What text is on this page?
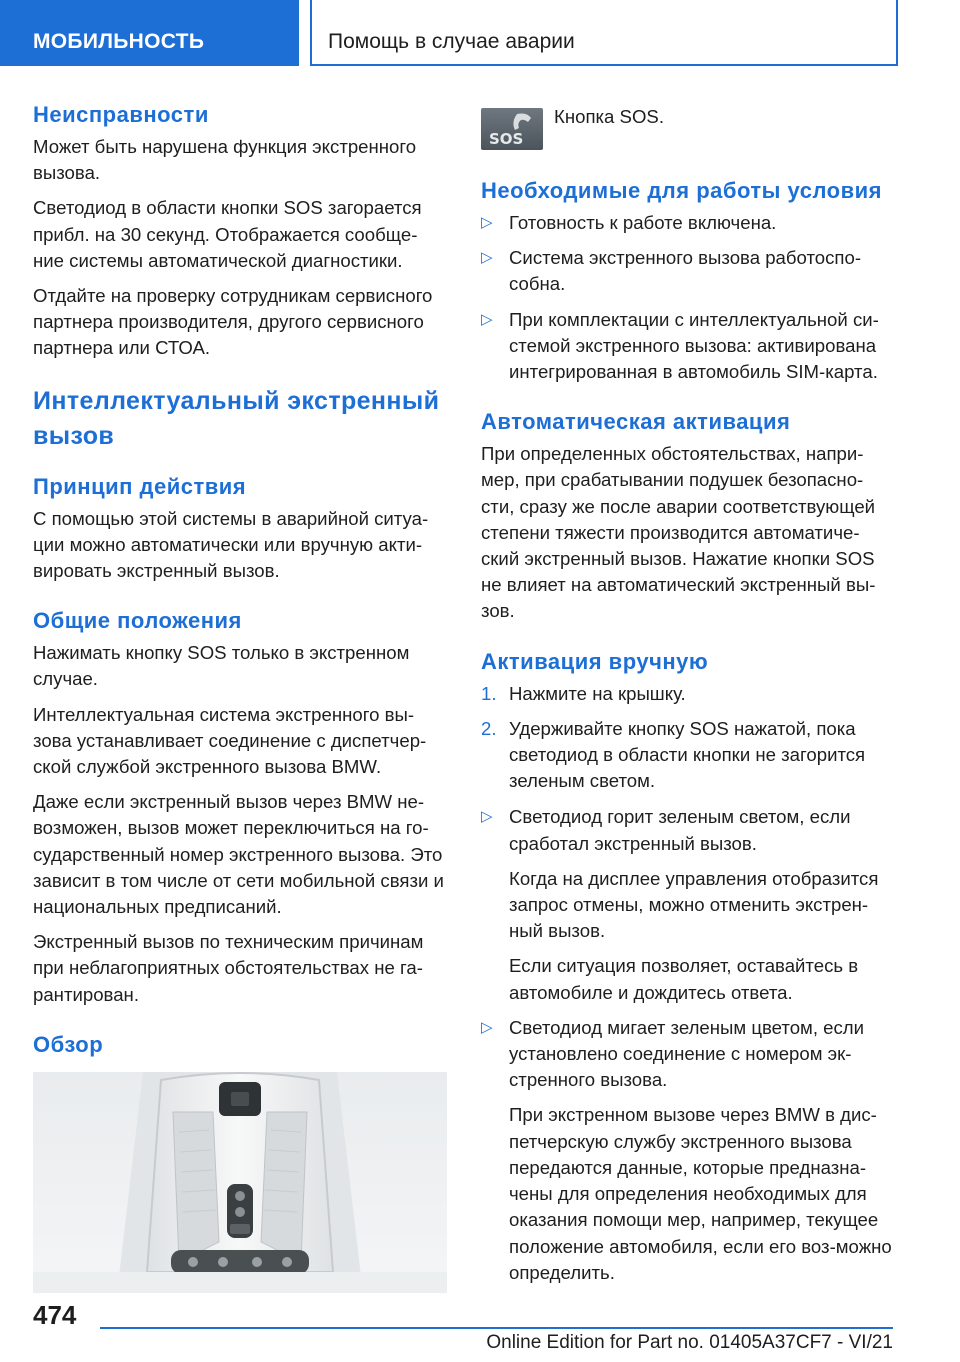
МОБИЛЬНОСТЬ	Помощь в случае аварии
Неисправности

Может быть нарушена функция экстренного вызова.

Светодиод в области кнопки SOS загорается прибл. на 30 секунд. Отображается сообще-ние системы автоматической диагностики.

Отдайте на проверку сотрудникам сервисного партнера производителя, другого сервисного партнера или СТОА.

Интеллектуальный экстренный вызов
Принцип действия

С помощью этой системы в аварийной ситуа-ции можно автоматически или вручную акти-вировать экстренный вызов.

Общие положения

Нажимать кнопку SOS только в экстренном случае.

Интеллектуальная система экстренного вы-зова устанавливает соединение с диспетчер-ской службой экстренного вызова BMW.

Даже если экстренный вызов через BMW не-возможен, вызов может переключиться на го-сударственный номер экстренного вызова. Это зависит в том числе от сети мобильной связи и национальных предписаний.

Экстренный вызов по техническим причинам при неблагоприятных обстоятельствах не га-рантирован.

Обзор
SOS
Кнопка SOS.
Необходимые для работы условия
▷ Готовность к работе включена.
▷ Система экстренного вызова работоспо-собна.
▷ При комплектации с интеллектуальной си-стемой экстренного вызова: активирована интегрированная в автомобиль SIM-карта.
Автоматическая активация

При определенных обстоятельствах, напри-мер, при срабатывании подушек безопасно-сти, сразу же после аварии соответствующей степени тяжести производится автоматиче-ский экстренный вызов. Нажатие кнопки SOS не влияет на автоматический экстренный вы-зов.

Активация вручную
1. Нажмите на крышку.
2. Удерживайте кнопку SOS нажатой, пока светодиод в области кнопки не загорится зеленым светом.
▷ Светодиод горит зеленым светом, если сработал экстренный вызов.
Когда на дисплее управления отобразится запрос отмены, можно отменить экстрен-ный вызов.
Если ситуация позволяет, оставайтесь в автомобиле и дождитесь ответа.
▷ Светодиод мигает зеленым цветом, если установлено соединение с номером эк-стренного вызова.
При экстренном вызове через BMW в дис-петчерскую службу экстренного вызова передаются данные, которые предназна-чены для определения необходимых для оказания помощи мер, например, текущее положение автомобиля, если его воз-можно определить.
474
Online Edition for Part no. 01405A37CF7 - VI/21
